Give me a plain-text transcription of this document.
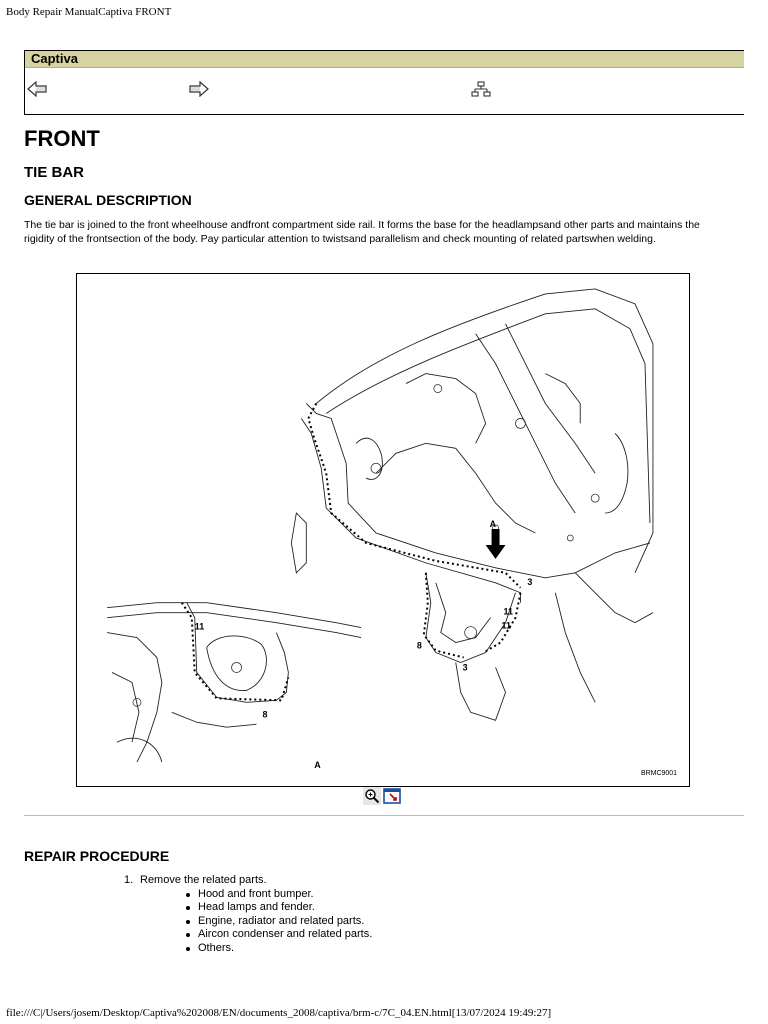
Body Repair ManualCaptiva FRONT
Captiva
FRONT
TIE BAR
GENERAL DESCRIPTION

The tie bar is joined to the front wheelhouse andfront compartment side rail. It forms the base for the headlampsand other parts and maintains the rigidity of the frontsection of the body. Pay particular attention to twistsand parallelism and check mounting of related partswhen welding.

A
3
11
8
3
11
8
A
BRMC9001
11
REPAIR PROCEDURE
1. Remove the related parts.
Hood and front bumper.
Head lamps and fender.
Engine, radiator and related parts.
Aircon condenser and related parts.
Others.
file:///C|/Users/josem/Desktop/Captiva%202008/EN/documents_2008/captiva/brm-c/7C_04.EN.html[13/07/2024 19:49:27]
